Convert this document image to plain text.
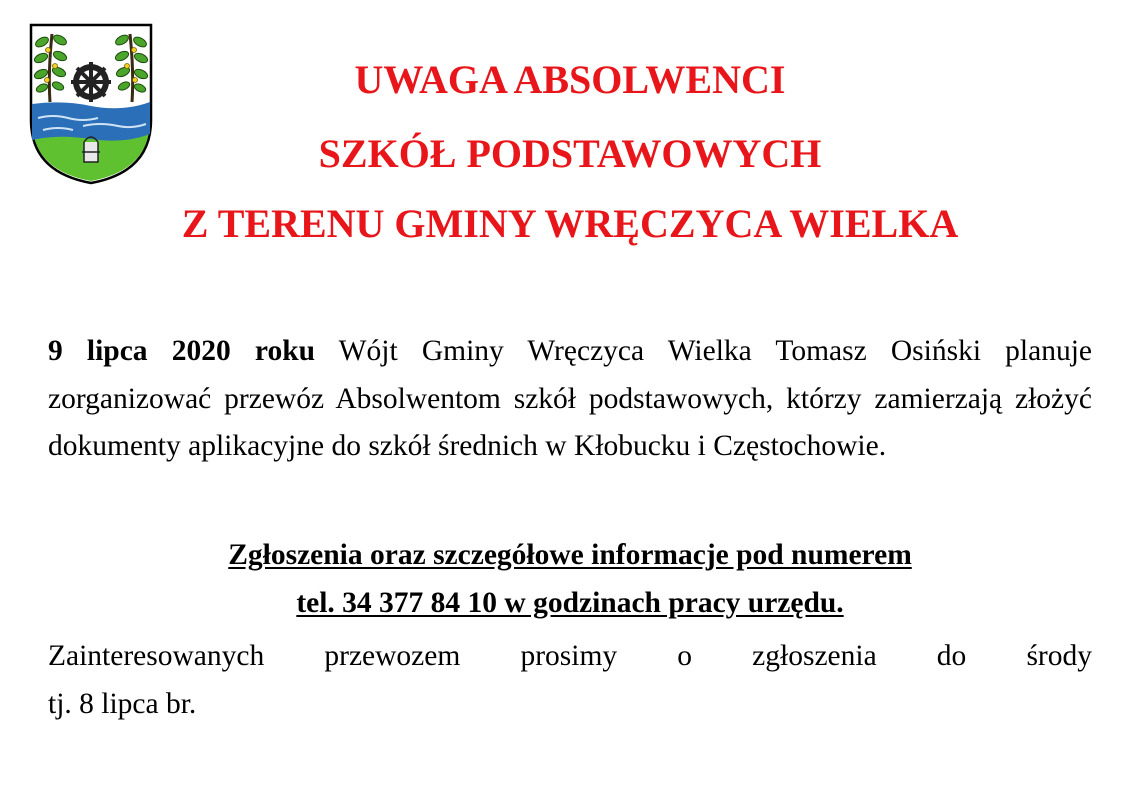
UWAGA ABSOLWENCI
SZKÓŁ PODSTAWOWYCH
Z TERENU GMINY WRĘCZYCA WIELKA

9 lipca 2020 roku Wójt Gminy Wręczyca Wielka Tomasz Osiński planuje zorganizować przewóz Absolwentom szkół podstawowych, którzy zamierzają złożyć dokumenty aplikacyjne do szkół średnich w Kłobucku i Częstochowie.

Zgłoszenia oraz szczegółowe informacje pod numerem
tel. 34 377 84 10 w godzinach pracy urzędu.

Zainteresowanych przewozem prosimy o zgłoszenia do środy
tj. 8 lipca br.
